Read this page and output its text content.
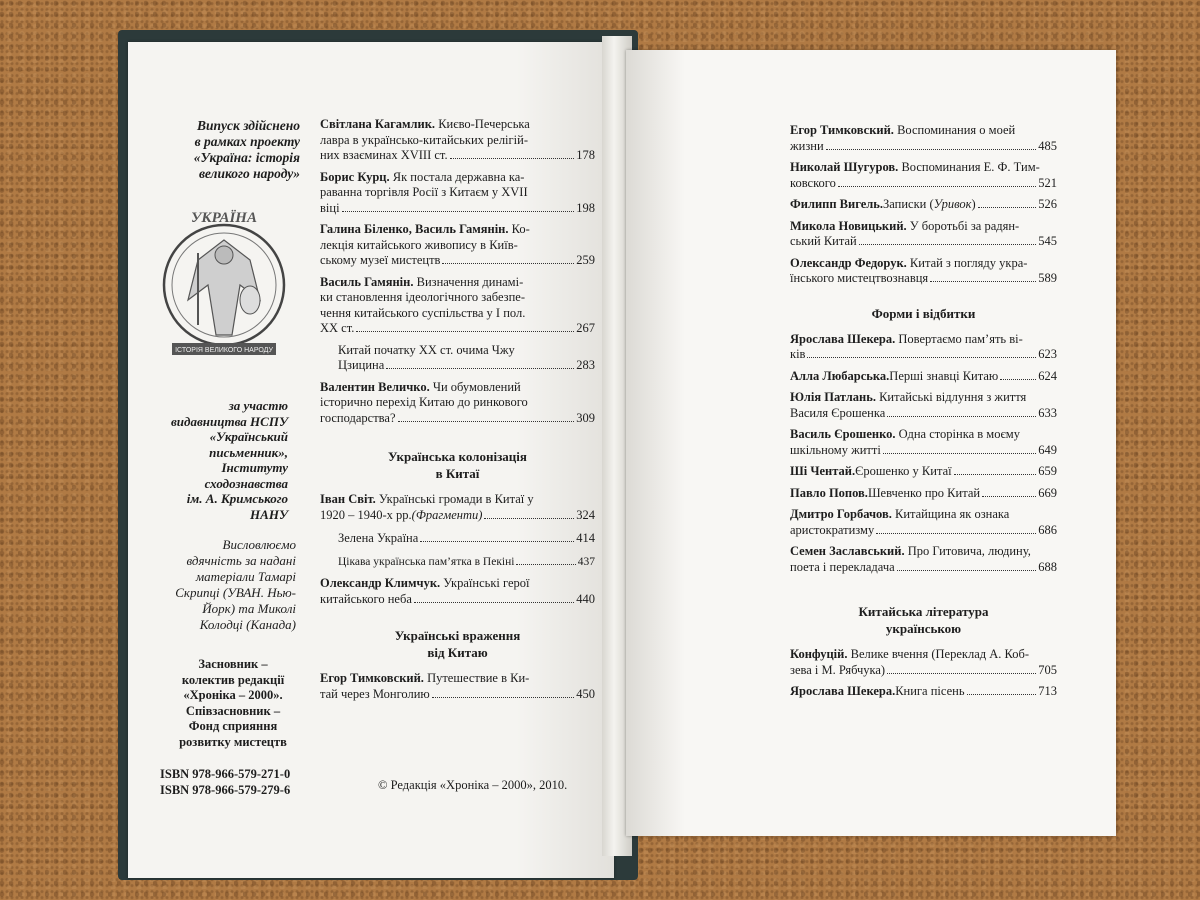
Випуск здійснено
в рамках проекту
«Україна: історія
великого народу»

УКРАЇНА
ІСТОРІЯ ВЕЛИКОГО НАРОДУ
за участю
видавництва НСПУ
«Український
письменник»,
Інституту
сходознавства
ім. А. Кримського
НАНУ
Висловлюємо
вдячність за надані
матеріали Тамарі
Скрипці (УВАН. Нью-
Йорк) та Миколі
Колодці (Канада)
Засновник –
колектив редакції
«Хроніка – 2000».
Співзасновник –
Фонд сприяння
розвитку мистецтв
ISBN 978-966-579-271-0
ISBN 978-966-579-279-6
Світлана Кагамлик. Києво-Печерська
лавра в українсько-китайських релігій-
них взаєминах XVIII ст.	178
Борис Курц. Як постала державна ка-
раванна торгівля Росії з Китаєм у XVII
віці	198
Галина Біленко, Василь Гамянін. Ко-
лекція китайського живопису в Київ-
ському музеї мистецтв	259
Василь Гамянін. Визначення динамі-
ки становлення ідеологічного забезпе-
чення китайського суспільства у І пол.
XX ст.	267
Китай початку XX ст. очима Чжу
Цзицина	283
Валентин Величко. Чи обумовлений
історично перехід Китаю до ринкового
господарства?	309
Українська колонізація
в Китаї
Іван Світ. Українські громади в Китаї у
1920 – 1940-х рр. (Фрагменти)	324
Зелена Україна	414
Цікава українська пам’ятка в Пекіні	437
Олександр Климчук. Українські герої
китайського неба	440
Українські враження
від Китаю
Егор Тимковский. Путешествие в Ки-
тай через Монголию	450
© Редакція «Хроніка – 2000», 2010.
Егор Тимковский. Воспоминания о моей
жизни	485
Николай Шугуров. Воспоминания Е. Ф. Тим-
ковского	521
Филипп Вигель. Записки ( Уривок )	526
Микола Новицький. У боротьбі за радян-
ський Китай	545
Олександр Федорук. Китай з погляду укра-
їнського мистецтвознавця	589
Форми і відбитки
Ярослава Шекера. Повертаємо пам’ять ві-
ків	623
Алла Любарська. Перші знавці Китаю	624
Юлія Патлань. Китайські відлуння з життя
Василя Єрошенка	633
Василь Єрошенко. Одна сторінка в моєму
шкільному житті	649
Ші Чентай. Єрошенко у Китаї	659
Павло Попов. Шевченко про Китай	669
Дмитро Горбачов. Китайщина як ознака
аристократизму	686
Семен Заславський. Про Гитовича, людину,
поета і перекладача	688
Китайська література
українською
Конфуцій. Велике вчення (Переклад А. Коб-
зева і М. Рябчука)	705
Ярослава Шекера. Книга пісень	713
